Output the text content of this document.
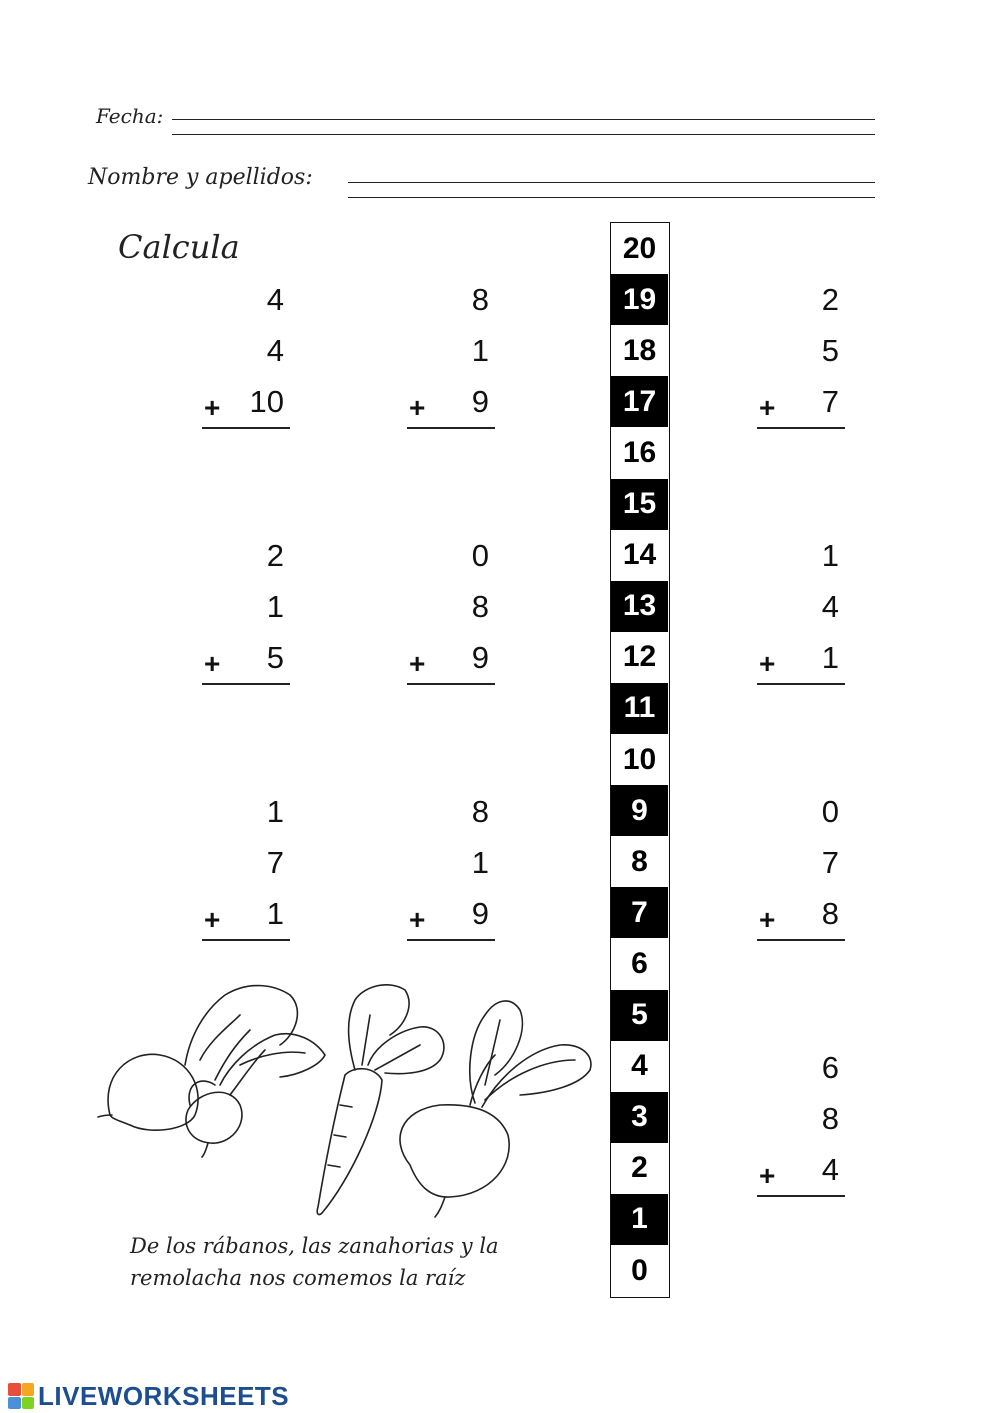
Fecha:
Nombre y apellidos:
Calcula
4
4
10
+
8
1
9
+
2
5
7
+
2
1
5
+
0
8
9
+
1
4
1
+
1
7
1
+
8
1
9
+
0
7
8
+
6
8
4
+
20
19
18
17
16
15
14
13
12
11
10
9
8
7
6
5
4
3
2
1
0
De los rábanos, las zanahorias y la
remolacha nos comemos la raíz
LIVEWORKSHEETS
